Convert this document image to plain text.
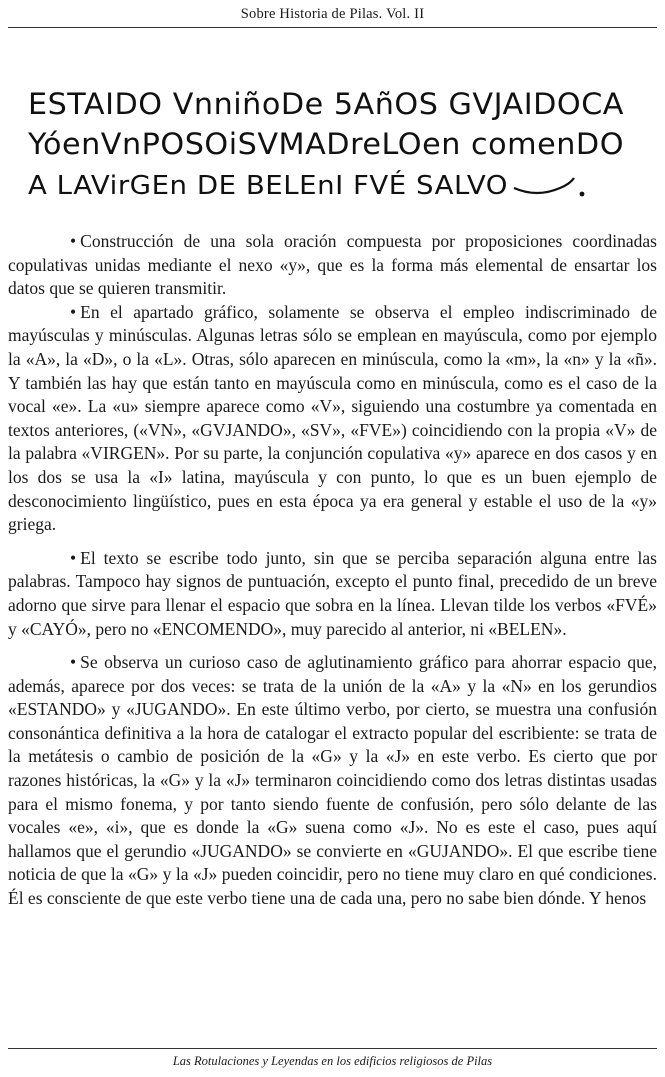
Sobre Historia de Pilas. Vol. II
ESTAIDO VnniñoDe 5AñOS GVJAIDOCA
YóenVnPOSOiSVMADreLOen comenDO
A LAVirGEn DE BELEnI FVÉ SALVO

• Construcción de una sola oración compuesta por proposiciones coordinadas copulativas unidas mediante el nexo «y», que es la forma más elemental de ensartar los datos que se quieren transmitir.

• En el apartado gráfico, solamente se observa el empleo indiscriminado de mayúsculas y minúsculas. Algunas letras sólo se emplean en mayúscula, como por ejemplo la «A», la «D», o la «L». Otras, sólo aparecen en minúscula, como la «m», la «n» y la «ñ». Y también las hay que están tanto en mayúscula como en minúscula, como es el caso de la vocal «e». La «u» siempre aparece como «V», siguiendo una costumbre ya comentada en textos anteriores, («VN», «GVJANDO», «SV», «FVE») coincidiendo con la propia «V» de la palabra «VIRGEN». Por su parte, la conjunción copulativa «y» aparece en dos casos y en los dos se usa la «I» latina, mayúscula y con punto, lo que es un buen ejemplo de desconocimiento lingüístico, pues en esta época ya era general y estable el uso de la «y» griega.

• El texto se escribe todo junto, sin que se perciba separación alguna entre las palabras. Tampoco hay signos de puntuación, excepto el punto final, precedido de un breve adorno que sirve para llenar el espacio que sobra en la línea. Llevan tilde los verbos «FVÉ» y «CAYÓ», pero no «ENCOMENDO», muy parecido al anterior, ni «BELEN».

• Se observa un curioso caso de aglutinamiento gráfico para ahorrar espacio que, además, aparece por dos veces: se trata de la unión de la «A» y la «N» en los gerundios «ESTANDO» y «JUGANDO». En este último verbo, por cierto, se muestra una confusión consonántica definitiva a la hora de catalogar el extracto popular del escribiente: se trata de la metátesis o cambio de posición de la «G» y la «J» en este verbo. Es cierto que por razones históricas, la «G» y la «J» terminaron coincidiendo como dos letras distintas usadas para el mismo fonema, y por tanto siendo fuente de confusión, pero sólo delante de las vocales «e», «i», que es donde la «G» suena como «J». No es este el caso, pues aquí hallamos que el gerundio «JUGANDO» se convierte en «GUJANDO». El que escribe tiene noticia de que la «G» y la «J» pueden coincidir, pero no tiene muy claro en qué condiciones. Él es consciente de que este verbo tiene una de cada una, pero no sabe bien dónde. Y henos

Las Rotulaciones y Leyendas en los edificios religiosos de Pilas
